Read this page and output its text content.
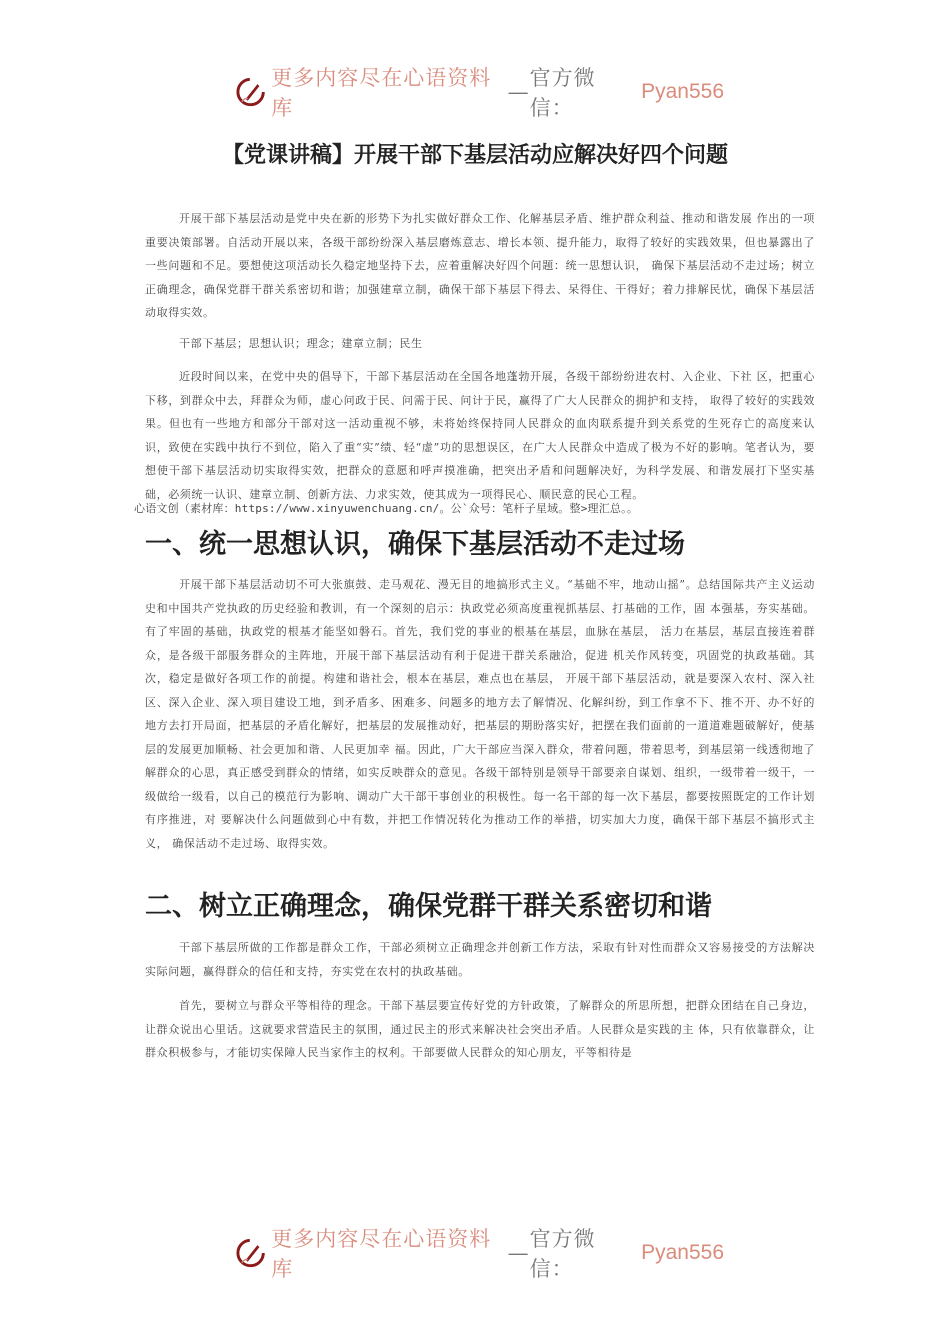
更多内容尽在心语资料库
—
官方微信：
Pyan556
【党课讲稿】开展干部下基层活动应解决好四个问题
开展干部下基层活动是党中央在新的形势下为扎实做好群众工作、化解基层矛盾、维护群众利益、推动和谐发展 作出的一项重要决策部署。自活动开展以来，各级干部纷纷深入基层磨炼意志、增长本领、提升能力，取得了较好的实践效果，但也暴露出了一些问题和不足。要想使这项活动长久稳定地坚持下去，应着重解决好四个问题：统一思想认识， 确保下基层活动不走过场；树立正确理念，确保党群干群关系密切和谐；加强建章立制，确保干部下基层下得去、呆得住、干得好；着力排解民忧，确保下基层活动取得实效。
干部下基层；思想认识；理念；建章立制；民生
近段时间以来，在党中央的倡导下，干部下基层活动在全国各地蓬勃开展，各级干部纷纷进农村、入企业、下社 区，把重心下移，到群众中去，拜群众为师，虚心问政于民、问需于民、问计于民，赢得了广大人民群众的拥护和支持， 取得了较好的实践效果。但也有一些地方和部分干部对这一活动重视不够，未将始终保持同人民群众的血肉联系提升到关系党的生死存亡的高度来认识，致使在实践中执行不到位，陷入了重“实”绩、轻“虚”功的思想误区，在广大人民群众中造成了极为不好的影响。笔者认为，要想使干部下基层活动切实取得实效，把群众的意愿和呼声摸准确，把突出矛盾和问题解决好，为科学发展、和谐发展打下坚实基础，必须统一认识、建章立制、创新方法、力求实效，使其成为一项得民心、顺民意的民心工程。
心语文创（素材库：https://www.xinyuwenchuang.cn/。公`众号：笔杆子星域。整>理汇总。。
一、统一思想认识，确保下基层活动不走过场
开展干部下基层活动切不可大张旗鼓、走马观花、漫无目的地搞形式主义。“基础不牢，地动山摇”。总结国际共产主义运动史和中国共产党执政的历史经验和教训，有一个深刻的启示：执政党必须高度重视抓基层、打基础的工作，固 本强基，夯实基础。有了牢固的基础，执政党的根基才能坚如磐石。首先，我们党的事业的根基在基层，血脉在基层， 活力在基层，基层直接连着群众，是各级干部服务群众的主阵地，开展干部下基层活动有利于促进干群关系融洽，促进 机关作风转变，巩固党的执政基础。其次，稳定是做好各项工作的前提。构建和谐社会，根本在基层，难点也在基层， 开展干部下基层活动，就是要深入农村、深入社区、深入企业、深入项目建设工地，到矛盾多、困难多、问题多的地方去了解情况、化解纠纷，到工作拿不下、推不开、办不好的地方去打开局面，把基层的矛盾化解好，把基层的发展推动好，把基层的期盼落实好，把摆在我们面前的一道道难题破解好，使基层的发展更加顺畅、社会更加和谐、人民更加幸 福。因此，广大干部应当深入群众，带着问题，带着思考，到基层第一线透彻地了解群众的心思，真正感受到群众的情绪，如实反映群众的意见。各级干部特别是领导干部要亲自谋划、组织，一级带着一级干，一级做给一级看，以自己的模范行为影响、调动广大干部干事创业的积极性。每一名干部的每一次下基层，都要按照既定的工作计划有序推进，对 要解决什么问题做到心中有数，并把工作情况转化为推动工作的举措，切实加大力度，确保干部下基层不搞形式主义， 确保活动不走过场、取得实效。
二、树立正确理念，确保党群干群关系密切和谐
干部下基层所做的工作都是群众工作，干部必须树立正确理念并创新工作方法，采取有针对性而群众又容易接受的方法解决实际问题，赢得群众的信任和支持，夯实党在农村的执政基础。
首先，要树立与群众平等相待的理念。干部下基层要宣传好党的方针政策，了解群众的所思所想，把群众团结在自己身边，让群众说出心里话。这就要求营造民主的氛围，通过民主的形式来解决社会突出矛盾。人民群众是实践的主 体，只有依靠群众，让群众积极参与，才能切实保障人民当家作主的权利。干部要做人民群众的知心朋友，平等相待是
更多内容尽在心语资料库
—
官方微信：
Pyan556
